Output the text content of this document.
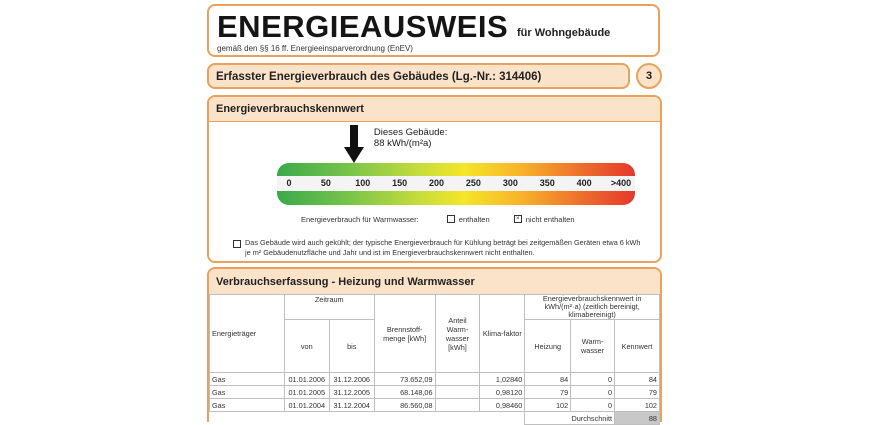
ENERGIEAUSWEIS für Wohngebäude
gemäß den §§ 16 ff. Energieeinsparverordnung (EnEV)
Erfasster Energieverbrauch des Gebäudes (Lg.-Nr.: 314406)	3
Energieverbrauchskennwert
Dieses Gebäude:
88 kWh/(m²a)
0	50	100 150 200 250 300 350 400 >400
Energieverbrauch für Warmwasser:	enthalten	× nicht enthalten
Das Gebäude wird auch gekühlt; der typische Energieverbrauch für Kühlung beträgt bei zeitgemäßen Geräten etwa 6 kWh je m² Gebäudenutzfläche und Jahr und ist im Energieverbrauchskennwert nicht enthalten.
Verbrauchserfassung - Heizung und Warmwasser
Energieträger	Zeitraum		Brennstoff-menge [kWh]	Anteil Warm-wasser [kWh]	Klima-faktor	Energieverbrauchskennwert in kWh/(m²·a) (zeitlich bereinigt, klimabereinigt)		
	von	bis				Heizung	Warm-wasser	Kennwert
Gas	01.01.2006	31.12.2006	73.652,09		1,02840	84	0	84
Gas	01.01.2005	31.12.2005	68.148,06		0,98120	79	0	79
Gas	01.01.2004	31.12.2004	86.560,08		0,98460	102	0	102
						Durchschnitt		88
